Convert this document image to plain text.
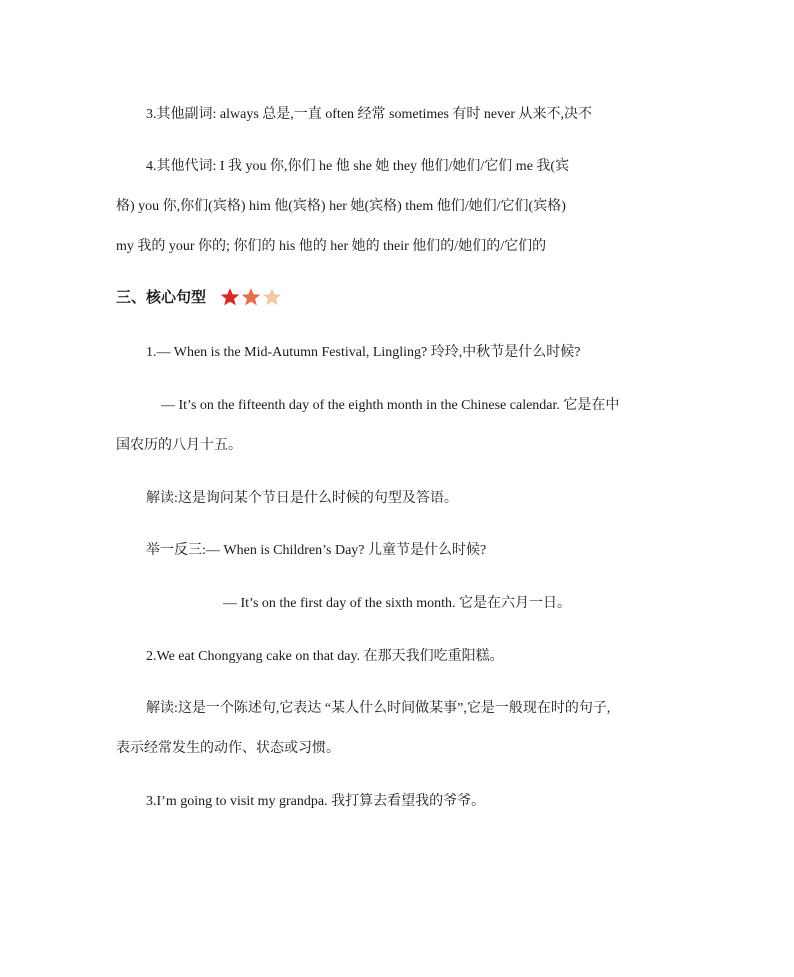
3.其他副词: always 总是,一直 often 经常 sometimes 有时 never 从来不,决不
4.其他代词: I 我 you 你,你们 he 他 she 她 they 他们/她们/它们 me 我(宾
格) you 你,你们(宾格) him 他(宾格) her 她(宾格) them 他们/她们/它们(宾格)
my 我的 your 你的; 你们的 his 他的 her 她的 their 他们的/她们的/它们的
三、核心句型
1.— When is the Mid-Autumn Festival, Lingling? 玲玲,中秋节是什么时候?
— It’s on the fifteenth day of the eighth month in the Chinese calendar. 它是在中
国农历的八月十五。
解读:这是询问某个节日是什么时候的句型及答语。
举一反三:— When is Children’s Day? 儿童节是什么时候?
— It’s on the first day of the sixth month. 它是在六月一日。
2.We eat Chongyang cake on that day. 在那天我们吃重阳糕。
解读:这是一个陈述句,它表达 “某人什么时间做某事”,它是一般现在时的句子,
表示经常发生的动作、状态或习惯。
3.I’m going to visit my grandpa. 我打算去看望我的爷爷。
